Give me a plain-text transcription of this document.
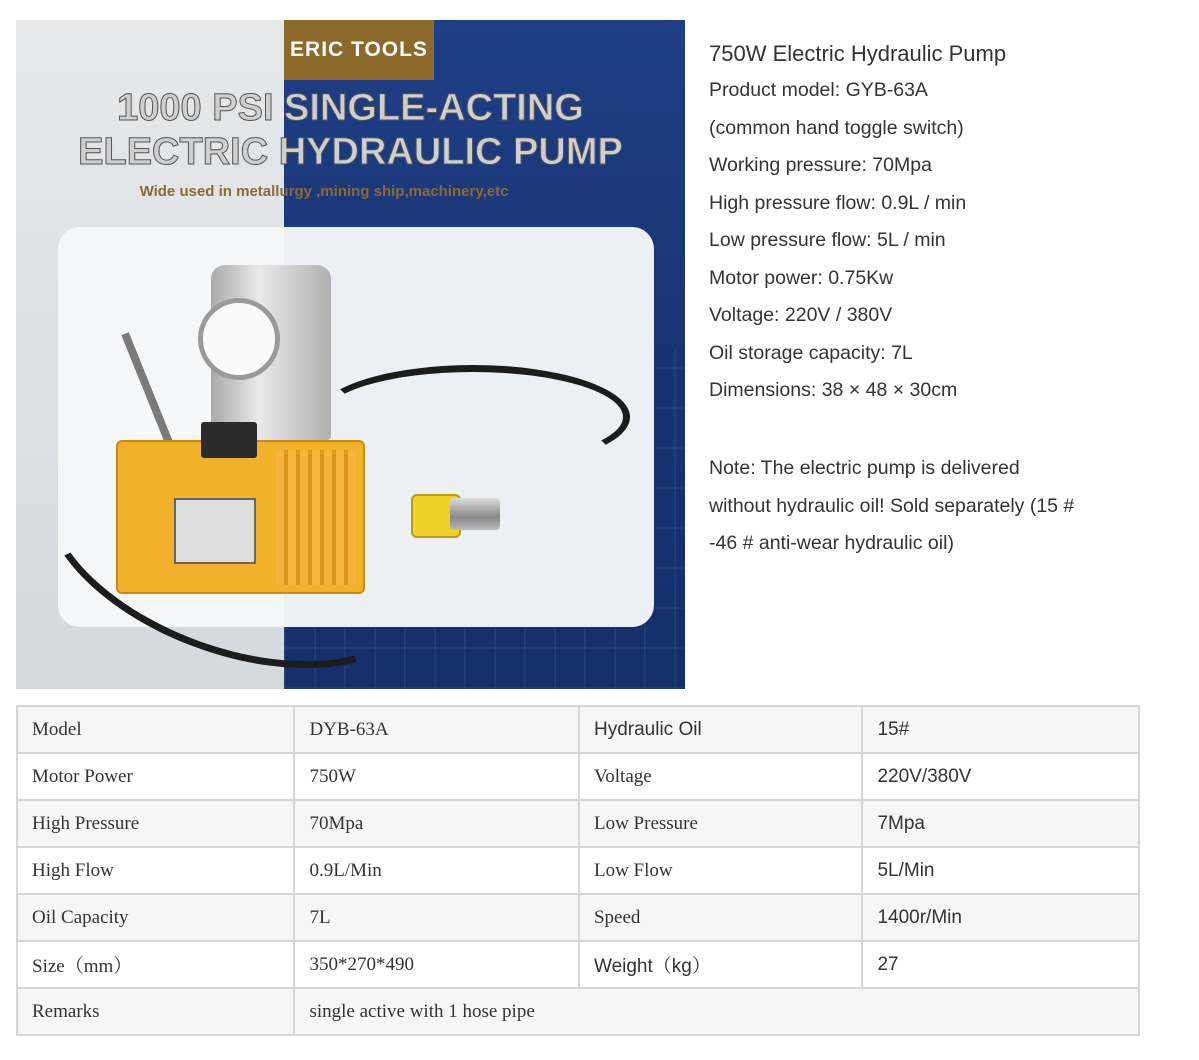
ERIC TOOLS
1000 PSI SINGLE-ACTING
ELECTRIC HYDRAULIC PUMP
Wide used in metallurgy ,mining ship,machinery,etc
750W Electric Hydraulic Pump
Product model: GYB-63A
(common hand toggle switch)
Working pressure: 70Mpa
High pressure flow: 0.9L / min
Low pressure flow: 5L / min
Motor power: 0.75Kw
Voltage: 220V / 380V
Oil storage capacity: 7L
Dimensions: 38 × 48 × 30cm
Note: The electric pump is delivered
without hydraulic oil! Sold separately (15 #
-46 # anti-wear hydraulic oil)
Model	DYB-63A	Hydraulic Oil	15#
Motor Power	750W	Voltage	220V/380V
High Pressure	70Mpa	Low Pressure	7Mpa
High Flow	0.9L/Min	Low Flow	5L/Min
Oil Capacity	7L	Speed	1400r/Min
Size（mm）	350*270*490	Weight（kg）	27
Remarks	single active with 1 hose pipe		
